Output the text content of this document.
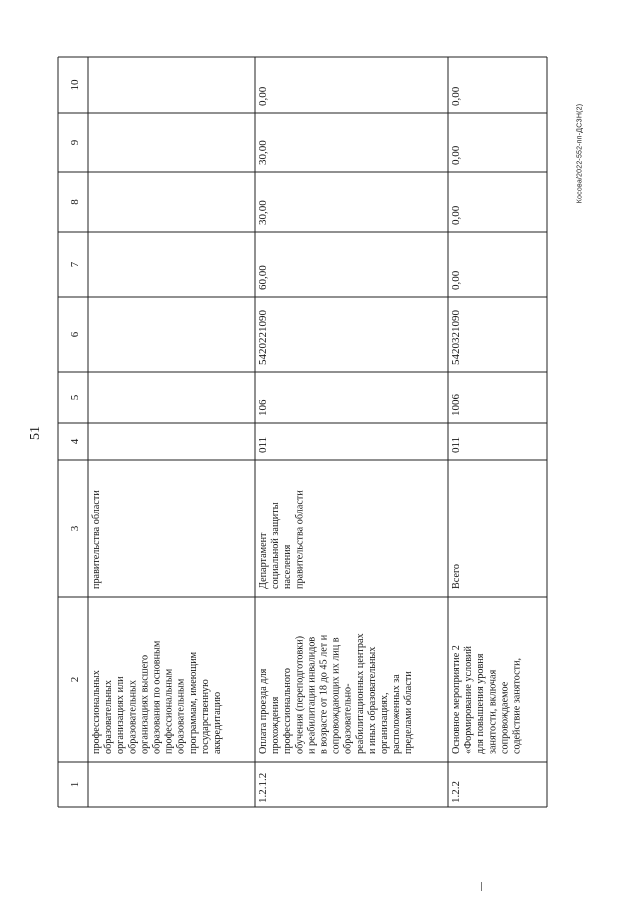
51
Косова/2022-552-пп-ДСЗН(2)
1
2
3
4
5
6
7
8
9
10
профессиональных образовательных организациях или образовательных организациях высшего образования по основным профессиональным образовательным программам, имеющим государственную аккредитацию
правительства области
1.2.1.2
Оплата проезда для прохождения профессионального обучения (переподготовки) и реабилитации инвалидов в возрасте от 18 до 45 лет и сопровождающих их лиц в образовательно- реабилитационных центрах и иных образовательных организациях, расположенных за пределами области
Департамент социальной защиты населения правительства области
011
106
5420221090
60,00
30,00
30,00
0,00
1.2.2
Основное мероприятие 2 «Формирование условий для повышения уровня занятости, включая сопровождаемое содействие занятости,
Всего
011
1006
5420321090
0,00
0,00
0,00
0,00
